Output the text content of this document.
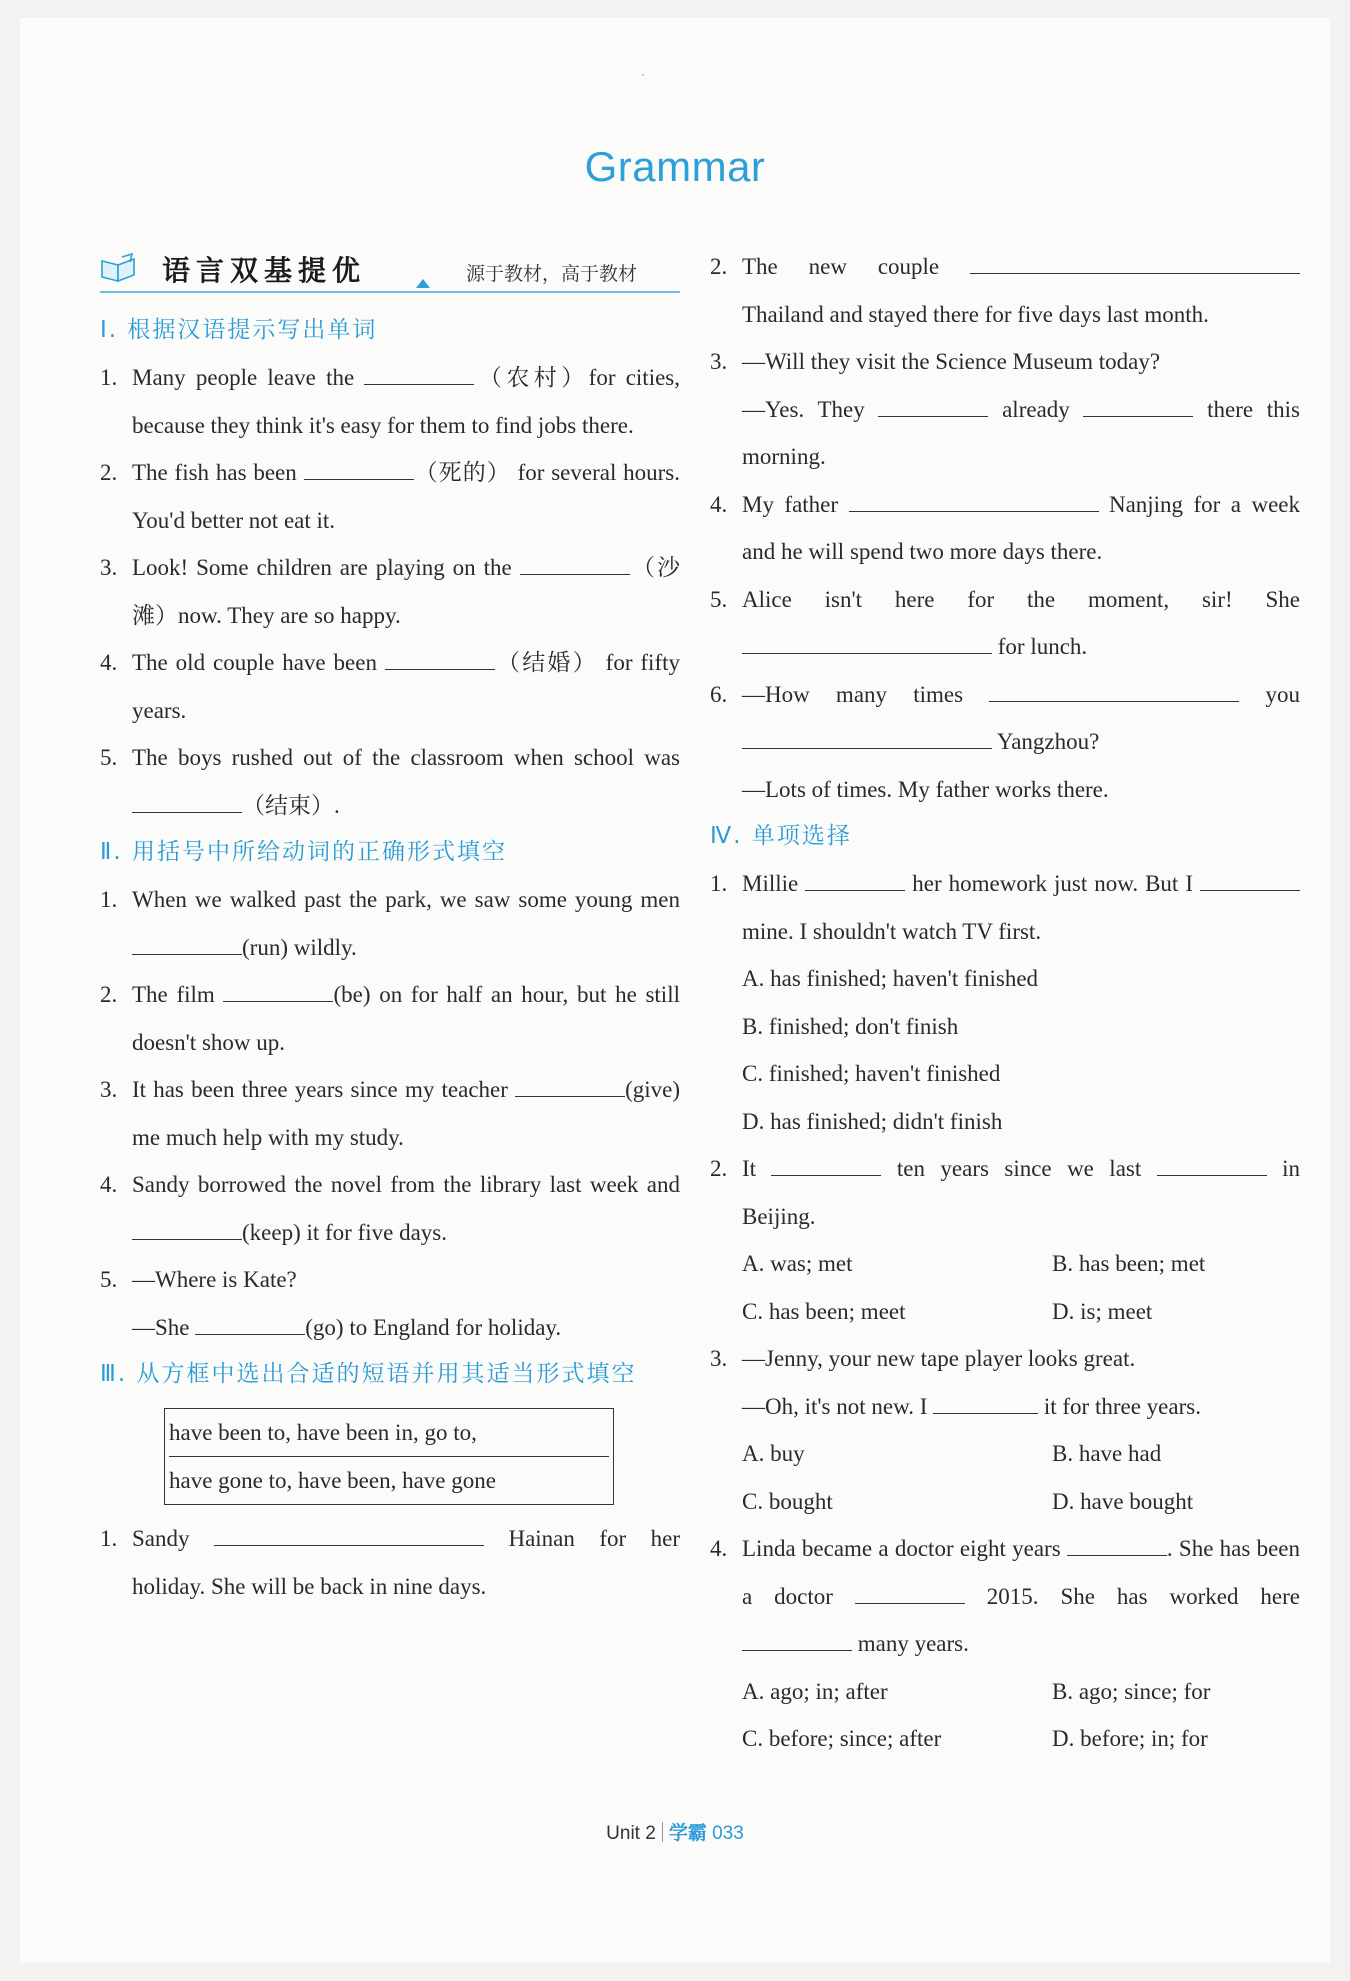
Grammar
语言双基提优	源于教材，高于教材
Ⅰ. 根据汉语提示写出单词
1. Many people leave the	（农村）for cities, because they think it's easy for them to find jobs there.
2. The fish has been	（死的） for several hours. You'd better not eat it.
3. Look! Some children are playing on the	（沙滩）now. They are so happy.
4. The old couple have been	（结婚） for fifty years.
5. The boys rushed out of the classroom when school was （结束）.
Ⅱ. 用括号中所给动词的正确形式填空
1. When we walked past the park, we saw some young men (run) wildly.
2. The film	(be) on for half an hour, but he still doesn't show up.
3. It has been three years since my teacher	(give) me much help with my study.
4. Sandy borrowed the novel from the library last week and (keep) it for five days.
5. —Where is Kate?
—She	(go) to England for holiday.
Ⅲ. 从方框中选出合适的短语并用其适当形式填空
have been to, have been in, go to,
have gone to, have been, have gone
1. Sandy	Hainan for her holiday. She will be back in nine days.
2. The new couple  Thailand and stayed there for five days last month.
3. —Will they visit the Science Museum today?
—Yes. They	already	there this morning.
4. My father	Nanjing for a week and he will spend two more days there.
5. Alice isn't here for the moment, sir! She  for lunch.
6. —How many times	you  Yangzhou?
—Lots of times. My father works there.
Ⅳ. 单项选择
1. Millie	her homework just now. But I  mine. I shouldn't watch TV first.
A. has finished; haven't finished
B. finished; don't finish
C. finished; haven't finished
D. has finished; didn't finish
2. It	ten years since we last	in Beijing.
A. was; met	B. has been; met
C. has been; meet	D. is; meet
3. —Jenny, your new tape player looks great.
—Oh, it's not new. I	it for three years.
A. buy	B. have had
C. bought	D. have bought
4. Linda became a doctor eight years	. She has been a doctor	2015. She has worked here  many years.
A. ago; in; after	B. ago; since; for
C. before; since; after	D. before; in; for
Unit 2 学霸 033
